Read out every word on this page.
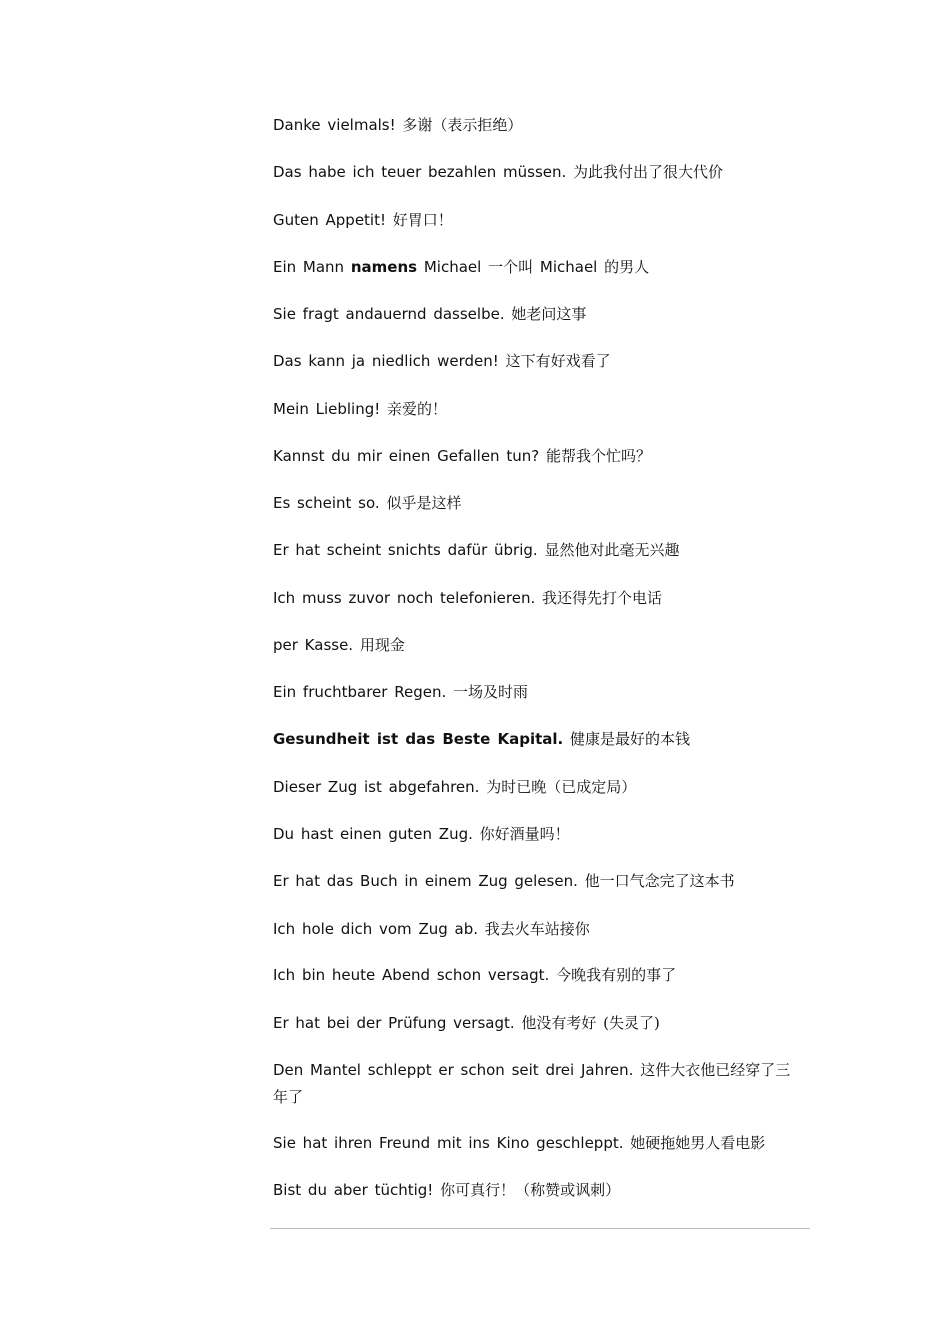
Danke vielmals! 多谢（表示拒绝）
Das habe ich teuer bezahlen müssen. 为此我付出了很大代价
Guten Appetit! 好胃口！
Ein Mann namens Michael 一个叫 Michael 的男人
Sie fragt andauernd dasselbe. 她老问这事
Das kann ja niedlich werden! 这下有好戏看了
Mein Liebling! 亲爱的！
Kannst du mir einen Gefallen tun? 能帮我个忙吗？
Es scheint so. 似乎是这样
Er hat scheint snichts dafür übrig. 显然他对此毫无兴趣
Ich muss zuvor noch telefonieren. 我还得先打个电话
per Kasse. 用现金
Ein fruchtbarer Regen. 一场及时雨
Gesundheit ist das Beste Kapital. 健康是最好的本钱
Dieser Zug ist abgefahren. 为时已晚（已成定局）
Du hast einen guten Zug. 你好酒量吗！
Er hat das Buch in einem Zug gelesen. 他一口气念完了这本书
Ich hole dich vom Zug ab. 我去火车站接你
Ich bin heute Abend schon versagt. 今晚我有别的事了
Er hat bei der Prüfung versagt. 他没有考好 (失灵了)
Den Mantel schleppt er schon seit drei Jahren. 这件大衣他已经穿了三年了
Sie hat ihren Freund mit ins Kino geschleppt. 她硬拖她男人看电影
Bist du aber tüchtig! 你可真行！（称赞或讽刺）
